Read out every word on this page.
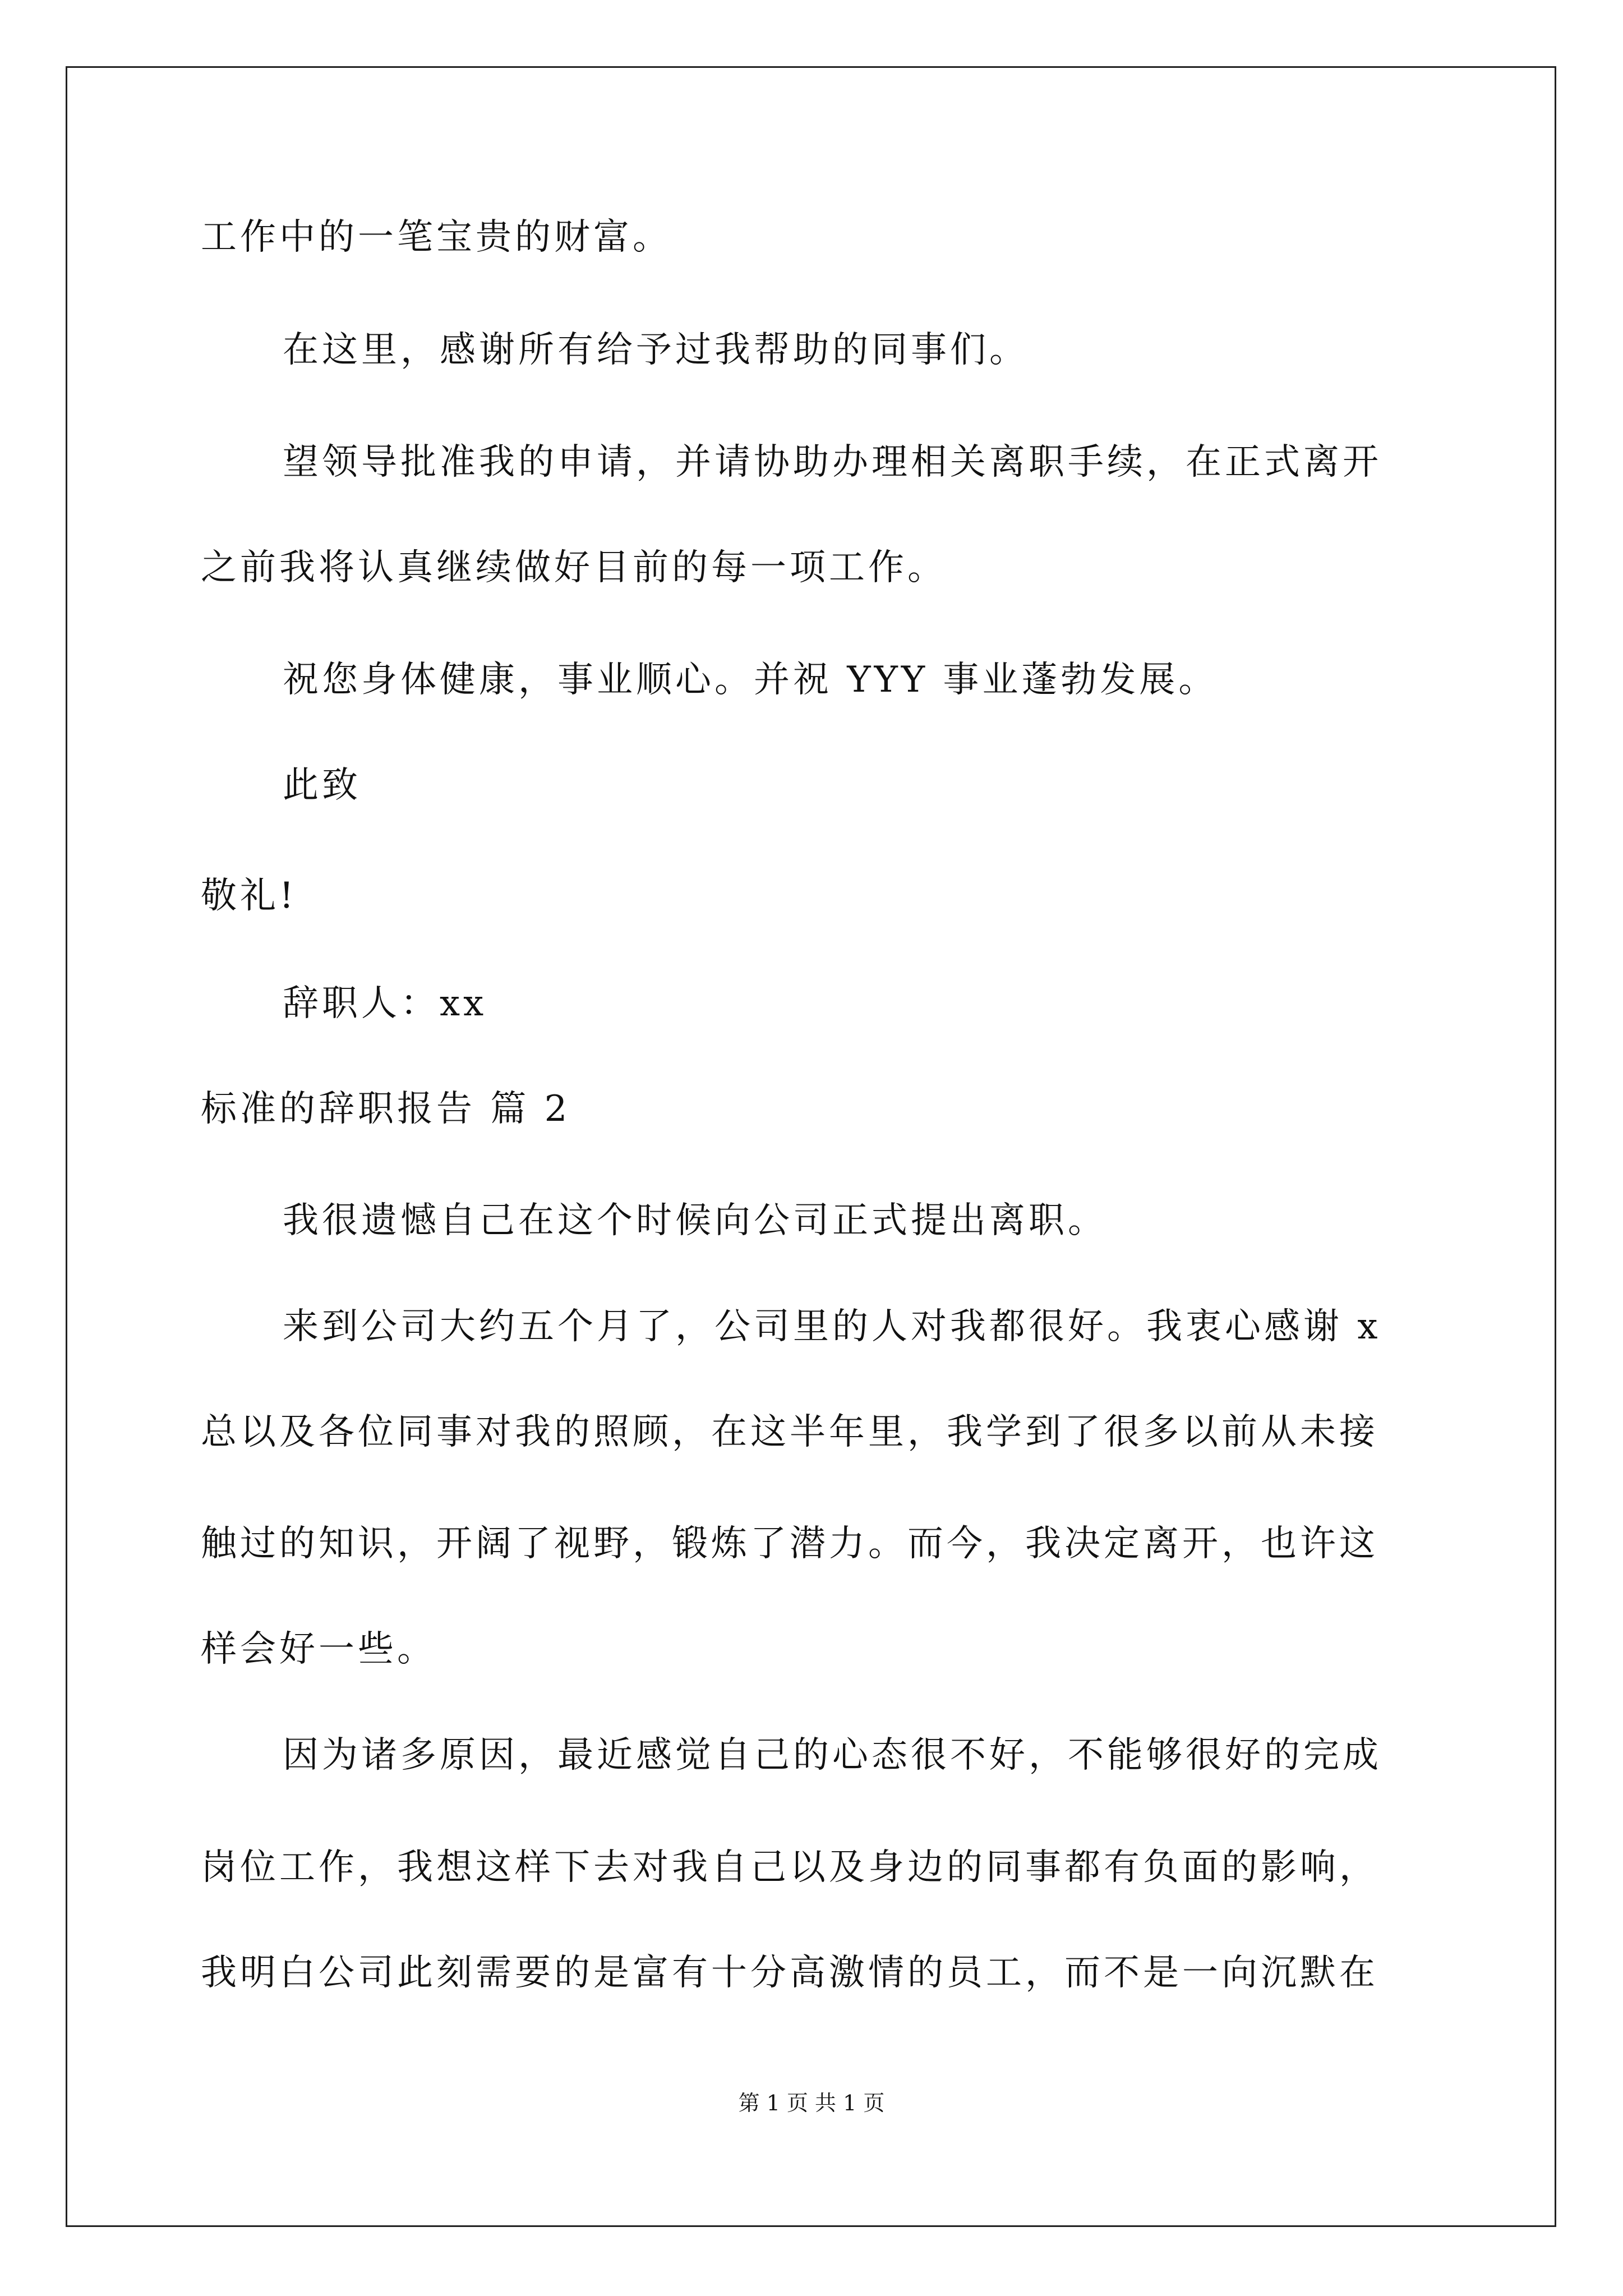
工作中的一笔宝贵的财富。
在这里，感谢所有给予过我帮助的同事们。
望领导批准我的申请，并请协助办理相关离职手续，在正式离开
之前我将认真继续做好目前的每一项工作。
祝您身体健康，事业顺心。并祝 YYY 事业蓬勃发展。
此致
敬礼!
辞职人：xx
标准的辞职报告 篇 2
我很遗憾自己在这个时候向公司正式提出离职。
来到公司大约五个月了，公司里的人对我都很好。我衷心感谢 x
总以及各位同事对我的照顾，在这半年里，我学到了很多以前从未接
触过的知识，开阔了视野，锻炼了潜力。而今，我决定离开，也许这
样会好一些。
因为诸多原因，最近感觉自己的心态很不好，不能够很好的完成
岗位工作，我想这样下去对我自己以及身边的同事都有负面的影响，
我明白公司此刻需要的是富有十分高激情的员工，而不是一向沉默在
第 1 页 共 1 页
